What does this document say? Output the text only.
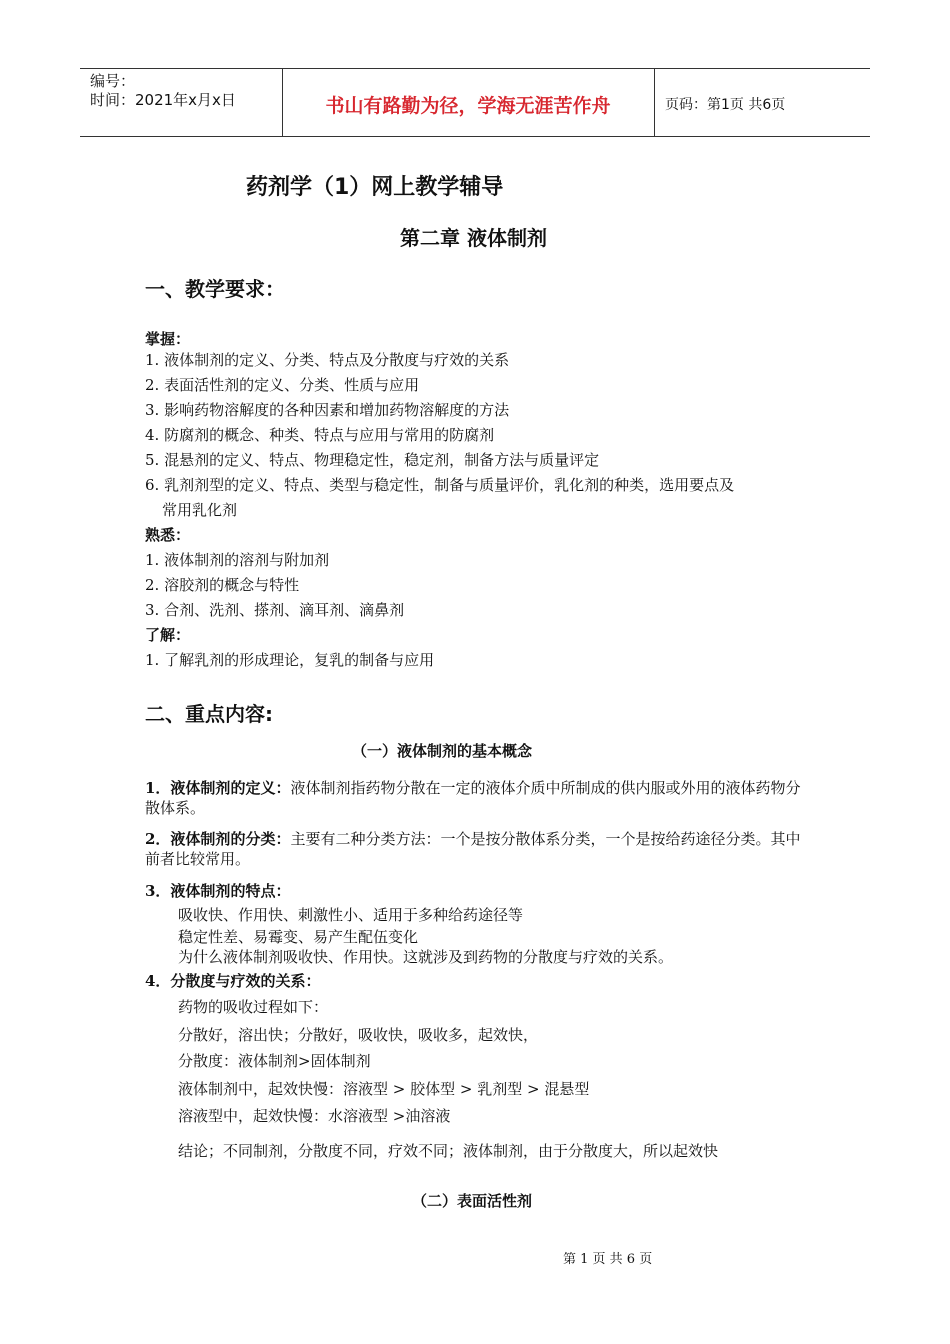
编号：
时间：2021年x月x日	书山有路勤为径，学海无涯苦作舟	页码：第1页 共6页
药剂学（1）网上教学辅导
第二章 液体制剂
一、教学要求：
掌握：
1. 液体制剂的定义、分类、特点及分散度与疗效的关系
2. 表面活性剂的定义、分类、性质与应用
3. 影响药物溶解度的各种因素和增加药物溶解度的方法
4. 防腐剂的概念、种类、特点与应用与常用的防腐剂
5. 混悬剂的定义、特点、物理稳定性，稳定剂，制备方法与质量评定
6. 乳剂剂型的定义、特点、类型与稳定性，制备与质量评价，乳化剂的种类，选用要点及
常用乳化剂
熟悉：
1. 液体制剂的溶剂与附加剂
2. 溶胶剂的概念与特性
3. 合剂、洗剂、搽剂、滴耳剂、滴鼻剂
了解：
1. 了解乳剂的形成理论，复乳的制备与应用
二、重点内容:
（一）液体制剂的基本概念
1．液体制剂的定义：液体制剂指药物分散在一定的液体介质中所制成的供内服或外用的液体药物分散体系。
2．液体制剂的分类：主要有二种分类方法：一个是按分散体系分类，一个是按给药途径分类。其中前者比较常用。
3．液体制剂的特点：
吸收快、作用快、刺激性小、适用于多种给药途径等
稳定性差、易霉变、易产生配伍变化
为什么液体制剂吸收快、作用快。这就涉及到药物的分散度与疗效的关系。
4．分散度与疗效的关系：
药物的吸收过程如下：
分散好，溶出快；分散好，吸收快，吸收多，起效快，
分散度：液体制剂>固体制剂
液体制剂中，起效快慢：溶液型 > 胶体型 > 乳剂型 > 混悬型
溶液型中，起效快慢：水溶液型 >油溶液
结论；不同制剂，分散度不同，疗效不同；液体制剂，由于分散度大，所以起效快
（二）表面活性剂
第 1 页 共 6 页
